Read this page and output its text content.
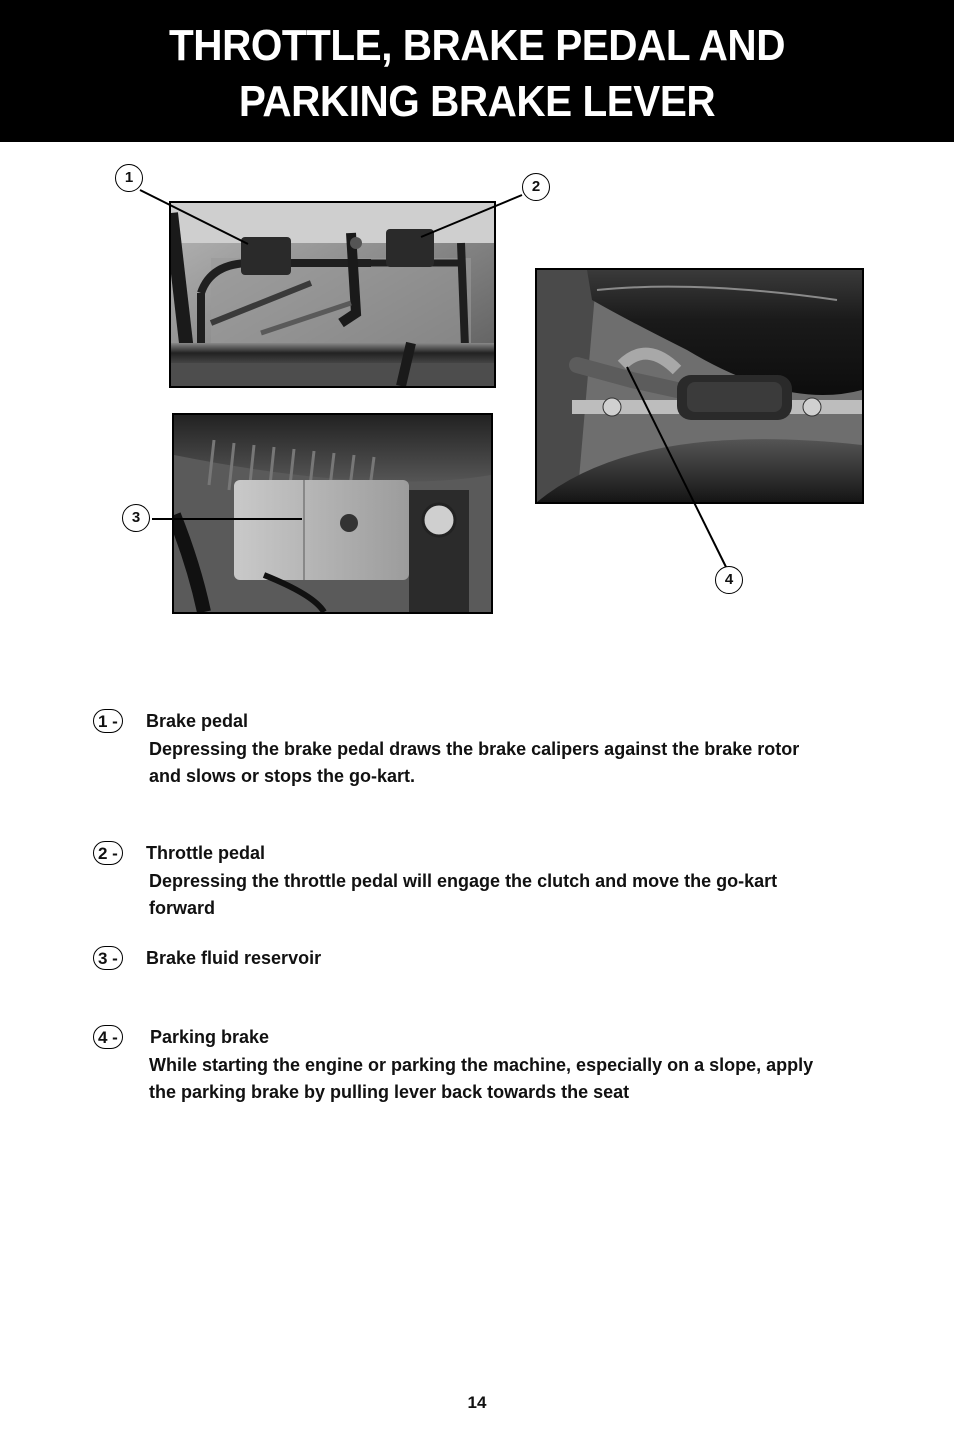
THROTTLE, BRAKE PEDAL AND
PARKING BRAKE LEVER
1
2
3
4
1 - Brake pedal
Depressing the brake pedal draws the brake calipers against the brake rotor and slows or stops the go-kart.
2 - Throttle pedal
Depressing the throttle pedal will engage the clutch and move the go-kart forward
3 - Brake fluid reservoir
4 - Parking brake
While starting the engine or parking the machine, especially on a slope, apply the parking brake by pulling lever back towards the seat
14
